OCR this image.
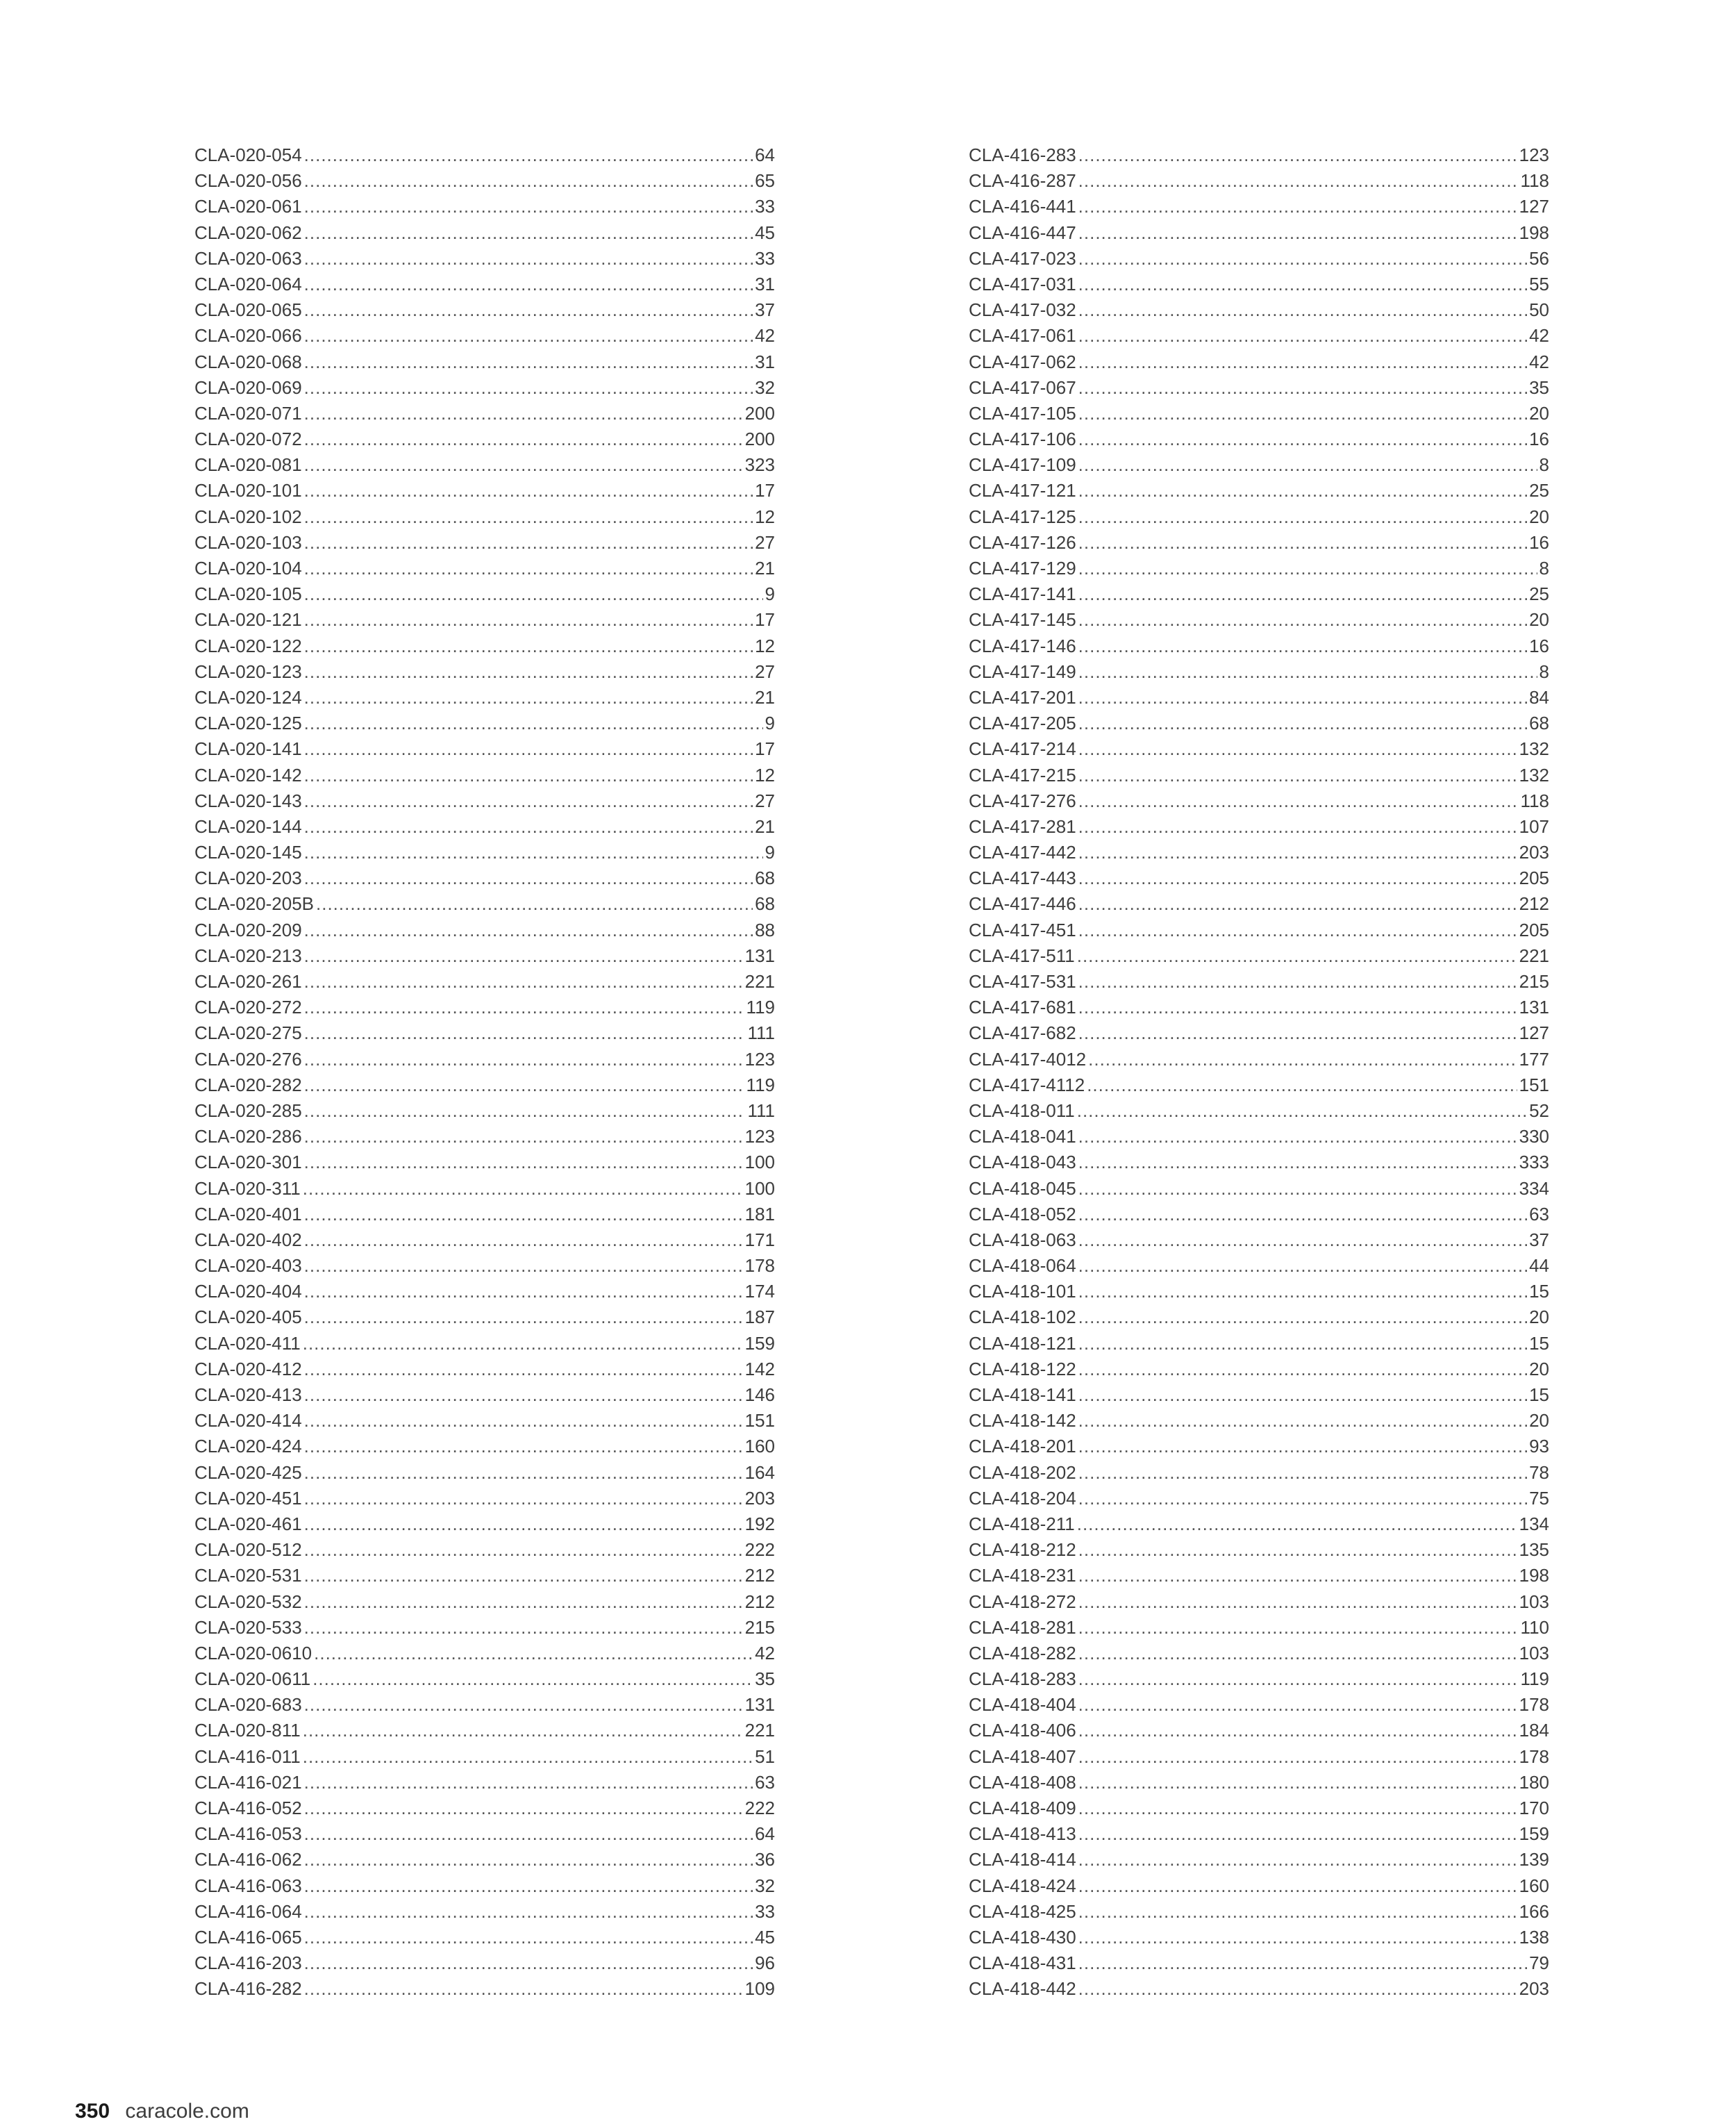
CLA-020-054 .....	64
CLA-020-056 .....	65
CLA-020-061 .....	33
CLA-020-062 .....	45
CLA-020-063 .....	33
CLA-020-064 .....	31
CLA-020-065 .....	37
CLA-020-066 .....	42
CLA-020-068 .....	31
CLA-020-069 .....	32
CLA-020-071 .....	200
CLA-020-072 .....	200
CLA-020-081 .....	323
CLA-020-101 .....	17
CLA-020-102 .....	12
CLA-020-103 .....	27
CLA-020-104 .....	21
CLA-020-105 .....	9
CLA-020-121 .....	17
CLA-020-122 .....	12
CLA-020-123 .....	27
CLA-020-124 .....	21
CLA-020-125 .....	9
CLA-020-141 .....	17
CLA-020-142 .....	12
CLA-020-143 .....	27
CLA-020-144 .....	21
CLA-020-145 .....	9
CLA-020-203 .....	68
CLA-020-205B .....	68
CLA-020-209 .....	88
CLA-020-213 .....	131
CLA-020-261 .....	221
CLA-020-272 .....	119
CLA-020-275 .....	111
CLA-020-276 .....	123
CLA-020-282 .....	119
CLA-020-285 .....	111
CLA-020-286 .....	123
CLA-020-301 .....	100
CLA-020-311 .....	100
CLA-020-401 .....	181
CLA-020-402 .....	171
CLA-020-403 .....	178
CLA-020-404 .....	174
CLA-020-405 .....	187
CLA-020-411 .....	159
CLA-020-412 .....	142
CLA-020-413 .....	146
CLA-020-414 .....	151
CLA-020-424 .....	160
CLA-020-425 .....	164
CLA-020-451 .....	203
CLA-020-461 .....	192
CLA-020-512 .....	222
CLA-020-531 .....	212
CLA-020-532 .....	212
CLA-020-533 .....	215
CLA-020-0610 .....	42
CLA-020-0611 .....	35
CLA-020-683 .....	131
CLA-020-811 .....	221
CLA-416-011 .....	51
CLA-416-021 .....	63
CLA-416-052 .....	222
CLA-416-053 .....	64
CLA-416-062 .....	36
CLA-416-063 .....	32
CLA-416-064 .....	33
CLA-416-065 .....	45
CLA-416-203 .....	96
CLA-416-282 .....	109
CLA-416-283 .....	123
CLA-416-287 .....	118
CLA-416-441 .....	127
CLA-416-447 .....	198
CLA-417-023 .....	56
CLA-417-031 .....	55
CLA-417-032 .....	50
CLA-417-061 .....	42
CLA-417-062 .....	42
CLA-417-067 .....	35
CLA-417-105 .....	20
CLA-417-106 .....	16
CLA-417-109 .....	8
CLA-417-121 .....	25
CLA-417-125 .....	20
CLA-417-126 .....	16
CLA-417-129 .....	8
CLA-417-141 .....	25
CLA-417-145 .....	20
CLA-417-146 .....	16
CLA-417-149 .....	8
CLA-417-201 .....	84
CLA-417-205 .....	68
CLA-417-214 .....	132
CLA-417-215 .....	132
CLA-417-276 .....	118
CLA-417-281 .....	107
CLA-417-442 .....	203
CLA-417-443 .....	205
CLA-417-446 .....	212
CLA-417-451 .....	205
CLA-417-511 .....	221
CLA-417-531 .....	215
CLA-417-681 .....	131
CLA-417-682 .....	127
CLA-417-4012 .....	177
CLA-417-4112 .....	151
CLA-418-011 .....	52
CLA-418-041 .....	330
CLA-418-043 .....	333
CLA-418-045 .....	334
CLA-418-052 .....	63
CLA-418-063 .....	37
CLA-418-064 .....	44
CLA-418-101 .....	15
CLA-418-102 .....	20
CLA-418-121 .....	15
CLA-418-122 .....	20
CLA-418-141 .....	15
CLA-418-142 .....	20
CLA-418-201 .....	93
CLA-418-202 .....	78
CLA-418-204 .....	75
CLA-418-211 .....	134
CLA-418-212 .....	135
CLA-418-231 .....	198
CLA-418-272 .....	103
CLA-418-281 .....	110
CLA-418-282 .....	103
CLA-418-283 .....	119
CLA-418-404 .....	178
CLA-418-406 .....	184
CLA-418-407 .....	178
CLA-418-408 .....	180
CLA-418-409 .....	170
CLA-418-413 .....	159
CLA-418-414 .....	139
CLA-418-424 .....	160
CLA-418-425 .....	166
CLA-418-430 .....	138
CLA-418-431 .....	79
CLA-418-442 .....	203
350 caracole.com
